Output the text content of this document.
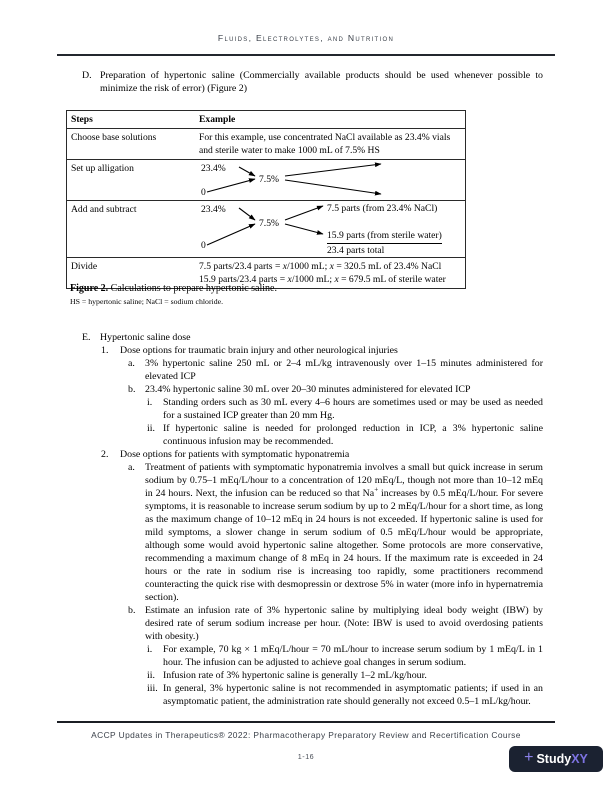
Fluids, Electrolytes, and Nutrition
D. Preparation of hypertonic saline (Commercially available products should be used whenever possible to minimize the risk of error) (Figure 2)
Steps	Example
Choose base solutions	For this example, use concentrated NaCl available as 23.4% vials and sterile water to make 1000 mL of 7.5% HS
Set up alligation	23.4%
0
7.5%
Add and subtract	23.4%
0
7.5%
7.5 parts (from 23.4% NaCl)
15.9 parts (from sterile water)
23.4 parts total
Divide	7.5 parts/23.4 parts = x/1000 mL; x = 320.5 mL of 23.4% NaCl
15.9 parts/23.4 parts = x/1000 mL; x = 679.5 mL of sterile water
Figure 2. Calculations to prepare hypertonic saline.
HS = hypertonic saline; NaCl = sodium chloride.
E. Hypertonic saline dose
1.	Dose options for traumatic brain injury and other neurological injuries
a.	3% hypertonic saline 250 mL or 2–4 mL/kg intravenously over 1–15 minutes administered for elevated ICP
b. 23.4% hypertonic saline 30 mL over 20–30 minutes administered for elevated ICP
i.	Standing orders such as 30 mL every 4–6 hours are sometimes used or may be used as needed for a sustained ICP greater than 20 mm Hg.
ii. If hypertonic saline is needed for prolonged reduction in ICP, a 3% hypertonic saline continuous infusion may be recommended.
2.	Dose options for patients with symptomatic hyponatremia
a.	Treatment of patients with symptomatic hyponatremia involves a small but quick increase in serum sodium by 0.75–1 mEq/L/hour to a concentration of 120 mEq/L, though not more than 10–12 mEq in 24 hours. Next, the infusion can be reduced so that Na+ increases by 0.5 mEq/L/hour. For severe symptoms, it is reasonable to increase serum sodium by up to 2 mEq/L/hour for a short time, as long as the maximum change of 10–12 mEq in 24 hours is not exceeded. If hypertonic saline is used for mild symptoms, a slower change in serum sodium of 0.5 mEq/L/hour would be appropriate, although some would avoid hypertonic saline altogether. Some protocols are more conservative, recommending a maximum change of 8 mEq in 24 hours. If the maximum rate is exceeded in 24 hours or the rate in sodium rise is increasing too rapidly, some practitioners recommend counteracting the quick rise with desmopressin or dextrose 5% in water (more info in hypernatremia section).
b. Estimate an infusion rate of 3% hypertonic saline by multiplying ideal body weight (IBW) by desired rate of serum sodium increase per hour. (Note: IBW is used to avoid overdosing patients with obesity.)
i.	For example, 70 kg × 1 mEq/L/hour = 70 mL/hour to increase serum sodium by 1 mEq/L in 1 hour. The infusion can be adjusted to achieve goal changes in serum sodium.
ii. Infusion rate of 3% hypertonic saline is generally 1–2 mL/kg/hour.
iii. In general, 3% hypertonic saline is not recommended in asymptomatic patients; if used in an asymptomatic patient, the administration rate should generally not exceed 0.5–1 mL/kg/hour.
ACCP Updates in Therapeutics® 2022: Pharmacotherapy Preparatory Review and Recertification Course
1-16	+ StudyXY
